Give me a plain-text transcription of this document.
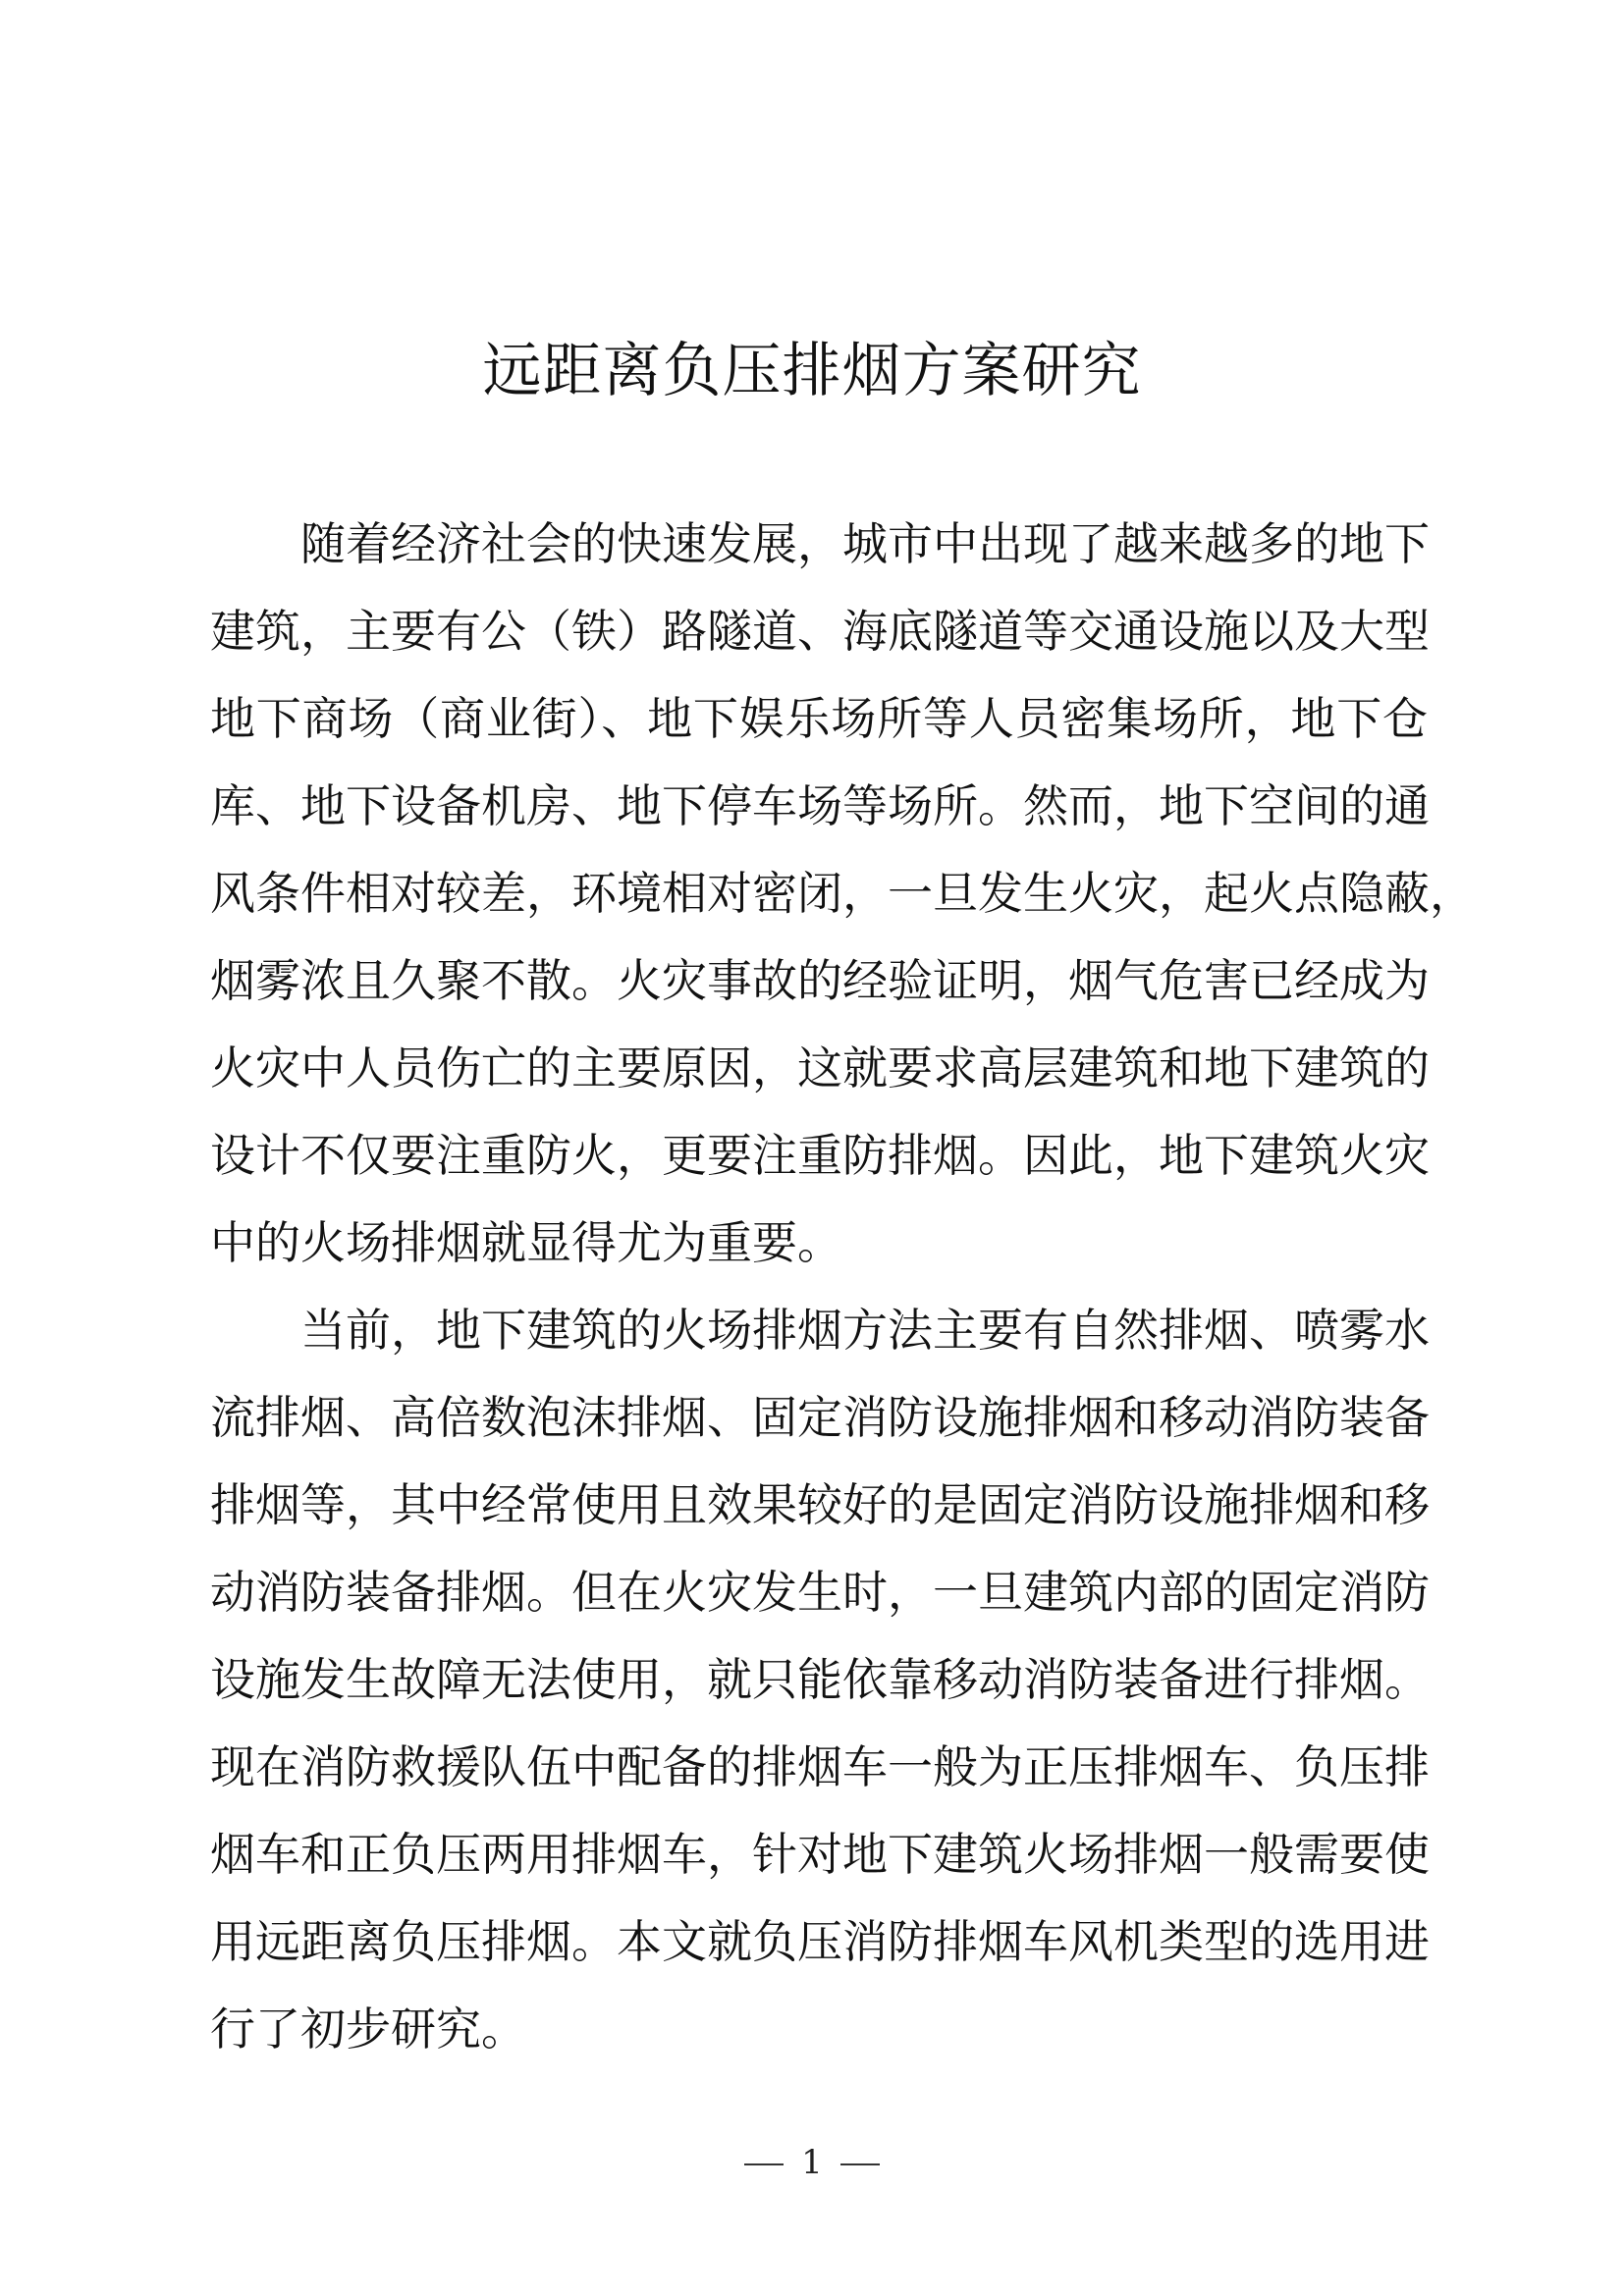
远距离负压排烟方案研究
随着经济社会的快速发展，城市中出现了越来越多的地下
建筑，主要有公（铁）路隧道、海底隧道等交通设施以及大型
地下商场（商业街）、地下娱乐场所等人员密集场所，地下仓
库、地下设备机房、地下停车场等场所。然而，地下空间的通
风条件相对较差，环境相对密闭，一旦发生火灾，起火点隐蔽，
烟雾浓且久聚不散。火灾事故的经验证明，烟气危害已经成为
火灾中人员伤亡的主要原因，这就要求高层建筑和地下建筑的
设计不仅要注重防火，更要注重防排烟。因此，地下建筑火灾
中的火场排烟就显得尤为重要。
当前，地下建筑的火场排烟方法主要有自然排烟、喷雾水
流排烟、高倍数泡沫排烟、固定消防设施排烟和移动消防装备
排烟等，其中经常使用且效果较好的是固定消防设施排烟和移
动消防装备排烟。但在火灾发生时，一旦建筑内部的固定消防
设施发生故障无法使用，就只能依靠移动消防装备进行排烟。
现在消防救援队伍中配备的排烟车一般为正压排烟车、负压排
烟车和正负压两用排烟车，针对地下建筑火场排烟一般需要使
用远距离负压排烟。本文就负压消防排烟车风机类型的选用进
行了初步研究。
1
